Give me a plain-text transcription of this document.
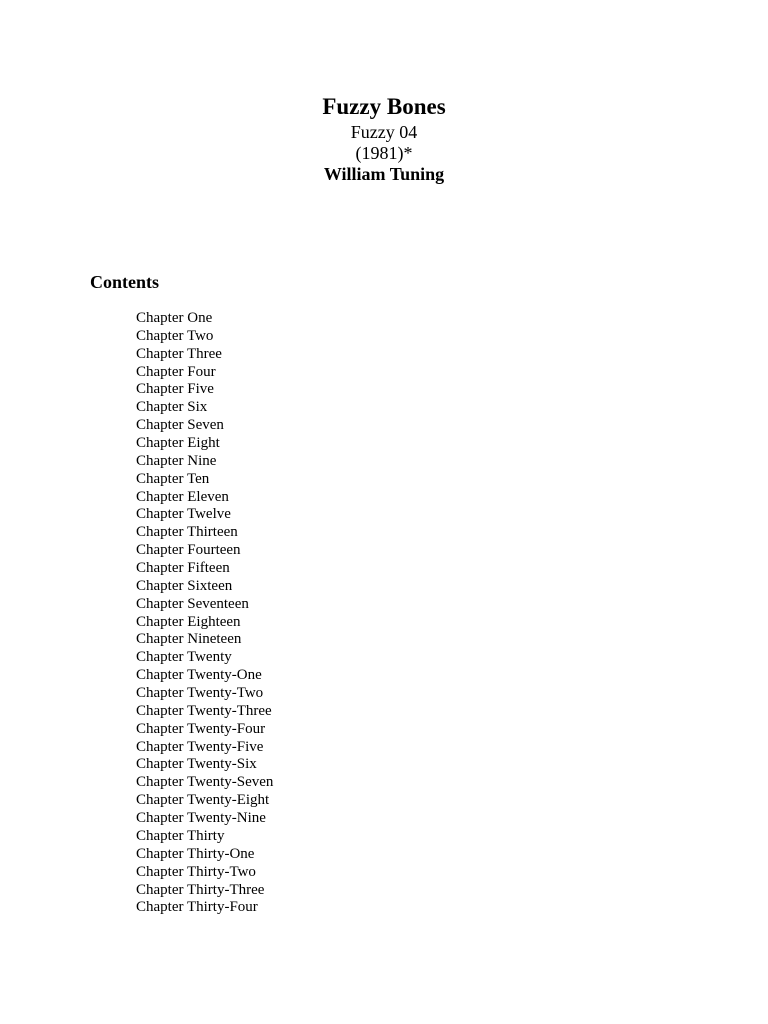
Fuzzy Bones

Fuzzy 04

(1981)*

William Tuning

Contents
Chapter One
Chapter Two
Chapter Three
Chapter Four
Chapter Five
Chapter Six
Chapter Seven
Chapter Eight
Chapter Nine
Chapter Ten
Chapter Eleven
Chapter Twelve
Chapter Thirteen
Chapter Fourteen
Chapter Fifteen
Chapter Sixteen
Chapter Seventeen
Chapter Eighteen
Chapter Nineteen
Chapter Twenty
Chapter Twenty-One
Chapter Twenty-Two
Chapter Twenty-Three
Chapter Twenty-Four
Chapter Twenty-Five
Chapter Twenty-Six
Chapter Twenty-Seven
Chapter Twenty-Eight
Chapter Twenty-Nine
Chapter Thirty
Chapter Thirty-One
Chapter Thirty-Two
Chapter Thirty-Three
Chapter Thirty-Four
